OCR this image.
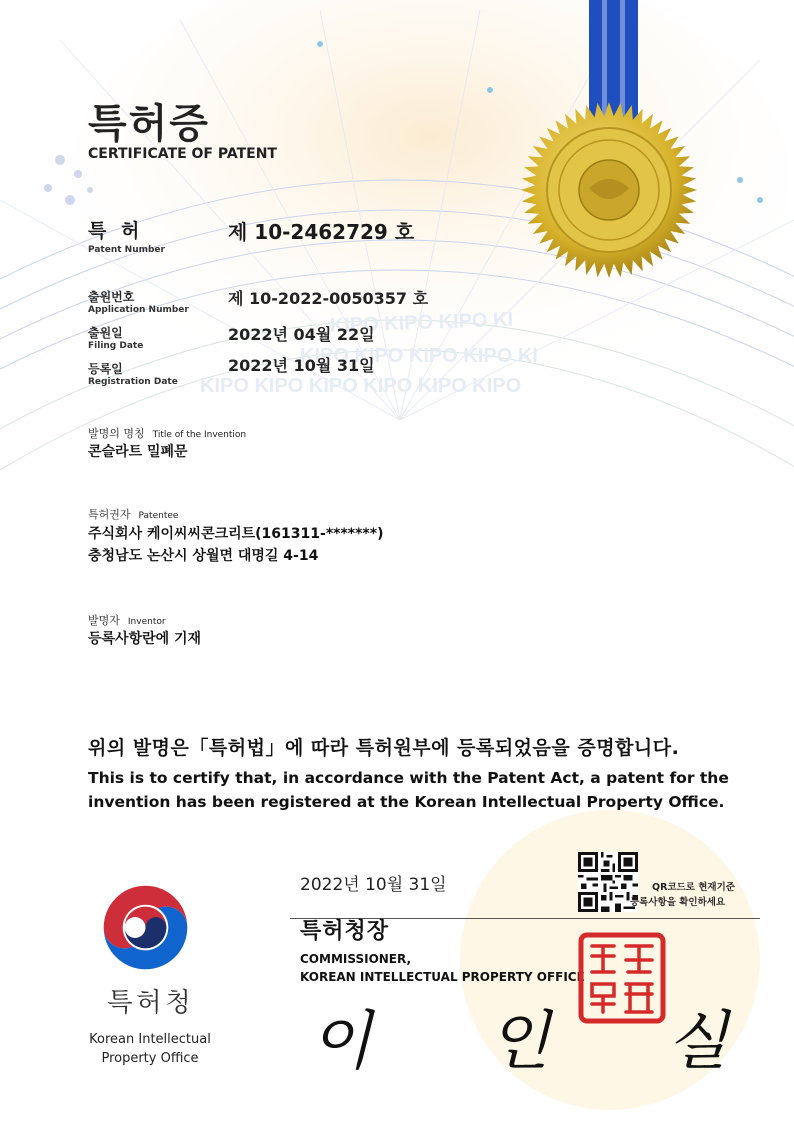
KIPO KIPO KIPO KI
KIPO KIPO KIPO KIPO KI
KIPO KIPO KIPO KIPO KIPO KIPO
특허증
CERTIFICATE OF PATENT
특 허
Patent Number
제 10-2462729 호
출원번호
Application Number
제 10-2022-0050357 호
출원일
Filing Date
2022년 04월 22일
등록일
Registration Date
2022년 10월 31일
발명의 명칭 Title of the Invention
콘슬라트 밀폐문
특허권자 Patentee
주식회사 케이씨씨콘크리트(161311-*******)
충청남도 논산시 상월면 대명길 4-14
발명자 Inventor
등록사항란에 기재
위의 발명은「특허법」에 따라 특허원부에 등록되었음을 증명합니다.
This is to certify that, in accordance with the Patent Act, a patent for the
invention has been registered at the Korean Intellectual Property Office.
2022년 10월 31일	QR코드로 현재기준
등록사항을 확인하세요
특허청장
COMMISSIONER,
KOREAN INTELLECTUAL PROPERTY OFFICE
이 인 실
특허청
Korean Intellectual
Property Office
